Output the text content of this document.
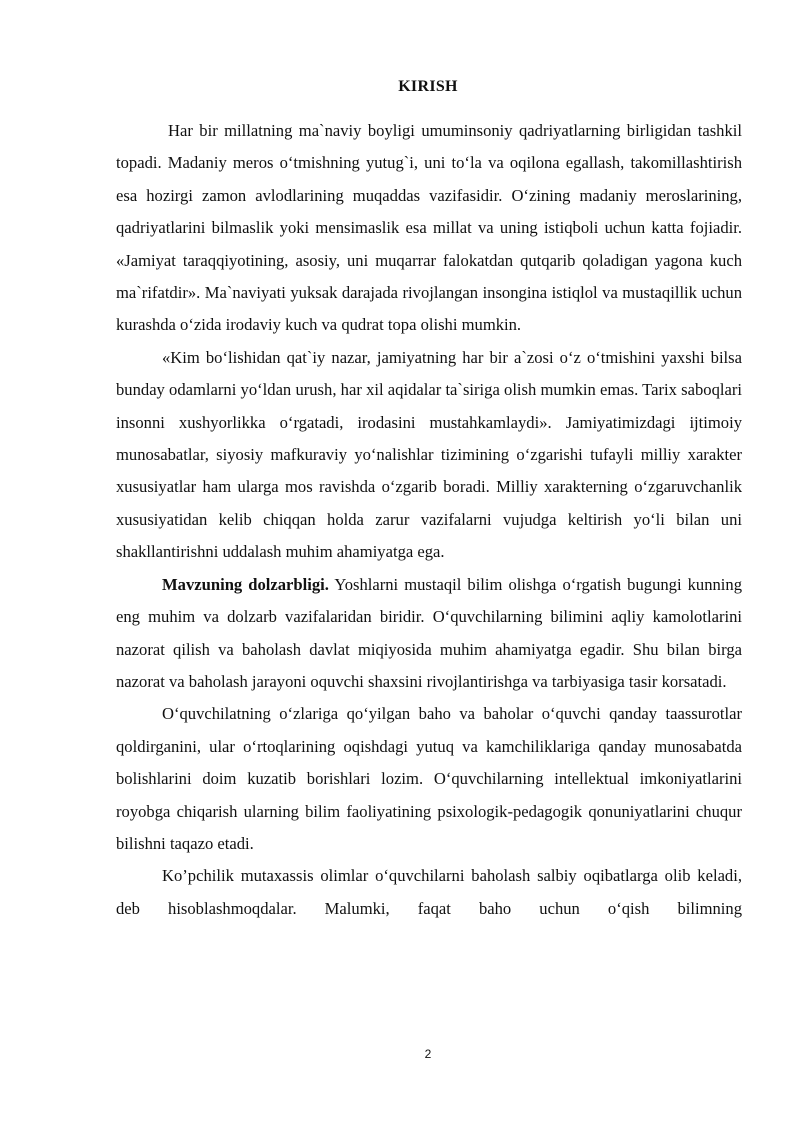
KIRISH

Har bir millatning ma`naviy boyligi umuminsoniy qadriyatlarning birligidan tashkil topadi. Madaniy meros o‘tmishning yutug`i, uni to‘la va oqilona egallash, takomillashtirish esa hozirgi zamon avlodlarining muqaddas vazifasidir. O‘zining madaniy meroslarining, qadriyatlarini bilmaslik yoki mensimaslik esa millat va uning istiqboli uchun katta fojiadir. «Jamiyat taraqqiyotining, asosiy, uni muqarrar falokatdan qutqarib qoladigan yagona kuch ma`rifatdir». Ma`naviyati yuksak darajada rivojlangan insongina istiqlol va mustaqillik uchun kurashda o‘zida irodaviy kuch va qudrat topa olishi mumkin.

«Kim bo‘lishidan qat`iy nazar, jamiyatning har bir a`zosi o‘z o‘tmishini yaxshi bilsa bunday odamlarni yo‘ldan urush, har xil aqidalar ta`siriga olish mumkin emas. Tarix saboqlari insonni xushyorlikka o‘rgatadi, irodasini mustahkamlaydi». Jamiyatimizdagi ijtimoiy munosabatlar, siyosiy mafkuraviy yo‘nalishlar tizimining o‘zgarishi tufayli milliy xarakter xususiyatlar ham ularga mos ravishda o‘zgarib boradi. Milliy xarakterning o‘zgaruvchanlik xususiyatidan kelib chiqqan holda zarur vazifalarni vujudga keltirish yo‘li bilan uni shakllantirishni uddalash muhim ahamiyatga ega.

Mavzuning dolzarbligi. Yoshlarni mustaqil bilim olishga o‘rgatish bugungi kunning eng muhim va dolzarb vazifalaridan biridir. O‘quvchilarning bilimini aqliy kamolotlarini nazorat qilish va baholash davlat miqiyosida muhim ahamiyatga egadir. Shu bilan birga nazorat va baholash jarayoni oquvchi shaxsini rivojlantirishga va tarbiyasiga tasir korsatadi.

O‘quvchilatning o‘zlariga qo‘yilgan baho va baholar o‘quvchi qanday taassurotlar qoldirganini, ular o‘rtoqlarining oqishdagi yutuq va kamchiliklariga qanday munosabatda bolishlarini doim kuzatib borishlari lozim. O‘quvchilarning intellektual imkoniyatlarini royobga chiqarish ularning bilim faoliyatining psixologik-pedagogik qonuniyatlarini chuqur bilishni taqazo etadi.

Ko’pchilik mutaxassis olimlar o‘quvchilarni baholash salbiy oqibatlarga olib keladi, deb hisoblashmoqdalar. Malumki, faqat baho uchun o‘qish bilimning

2
